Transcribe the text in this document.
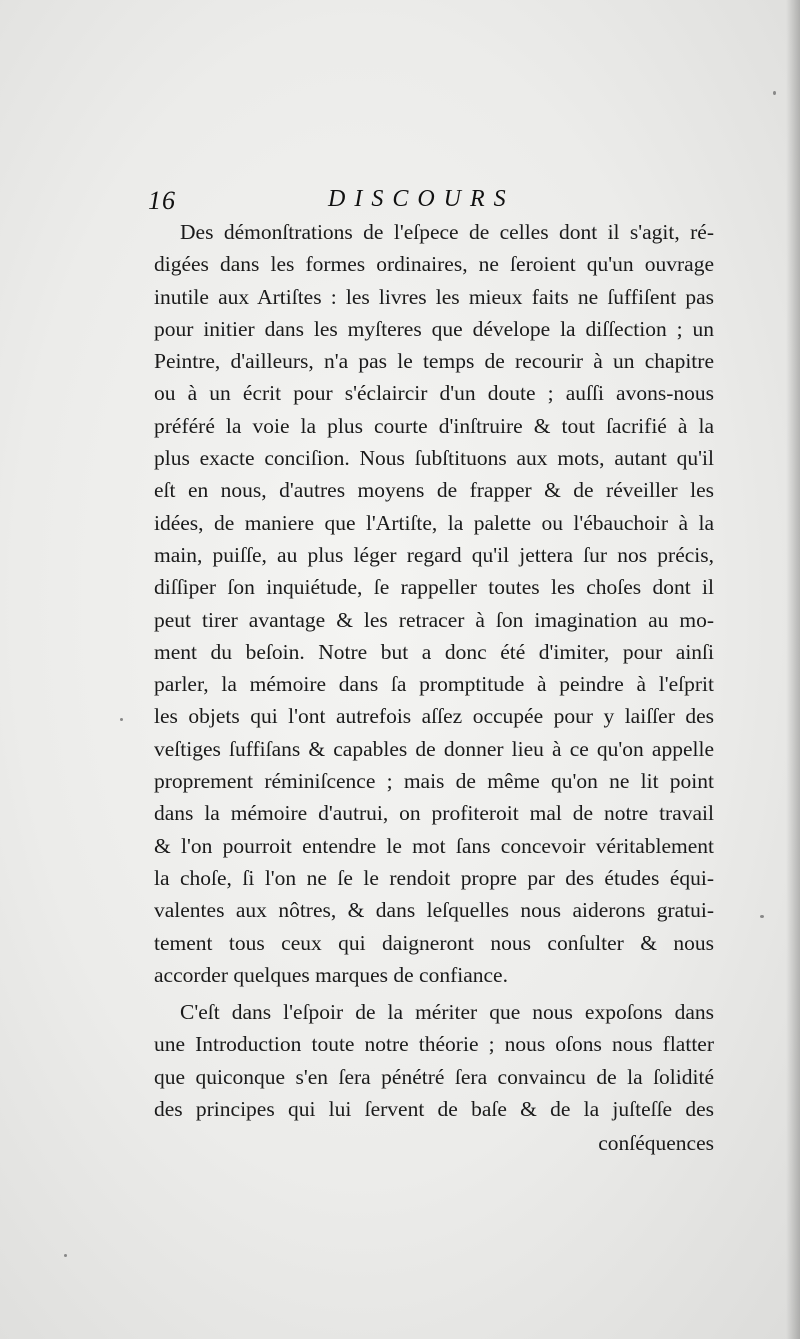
16	DISCOURS
Des démonſtrations de l'eſpece de celles dont il s'agit, ré-
digées dans les formes ordinaires, ne ſeroient qu'un ouvrage
inutile aux Artiſtes : les livres les mieux faits ne ſuffiſent pas
pour initier dans les myſteres que dévelope la diſſection ; un
Peintre, d'ailleurs, n'a pas le temps de recourir à un chapitre
ou à un écrit pour s'éclaircir d'un doute ; auſſi avons-nous
préféré la voie la plus courte d'inſtruire & tout ſacrifié à la
plus exacte conciſion. Nous ſubſtituons aux mots, autant qu'il
eſt en nous, d'autres moyens de frapper & de réveiller les
idées, de maniere que l'Artiſte, la palette ou l'ébauchoir à la
main, puiſſe, au plus léger regard qu'il jettera ſur nos précis,
diſſiper ſon inquiétude, ſe rappeller toutes les choſes dont il
peut tirer avantage & les retracer à ſon imagination au mo-
ment du beſoin. Notre but a donc été d'imiter, pour ainſi
parler, la mémoire dans ſa promptitude à peindre à l'eſprit
les objets qui l'ont autrefois aſſez occupée pour y laiſſer des
veſtiges ſuffiſans & capables de donner lieu à ce qu'on appelle
proprement réminiſcence ; mais de même qu'on ne lit point
dans la mémoire d'autrui, on profiteroit mal de notre travail
& l'on pourroit entendre le mot ſans concevoir véritablement
la choſe, ſi l'on ne ſe le rendoit propre par des études équi-
valentes aux nôtres, & dans leſquelles nous aiderons gratui-
tement tous ceux qui daigneront nous conſulter & nous
accorder quelques marques de confiance.
C'eſt dans l'eſpoir de la mériter que nous expoſons dans
une Introduction toute notre théorie ; nous oſons nous flatter
que quiconque s'en ſera pénétré ſera convaincu de la ſolidité
des principes qui lui ſervent de baſe & de la juſteſſe des
conſéquences
